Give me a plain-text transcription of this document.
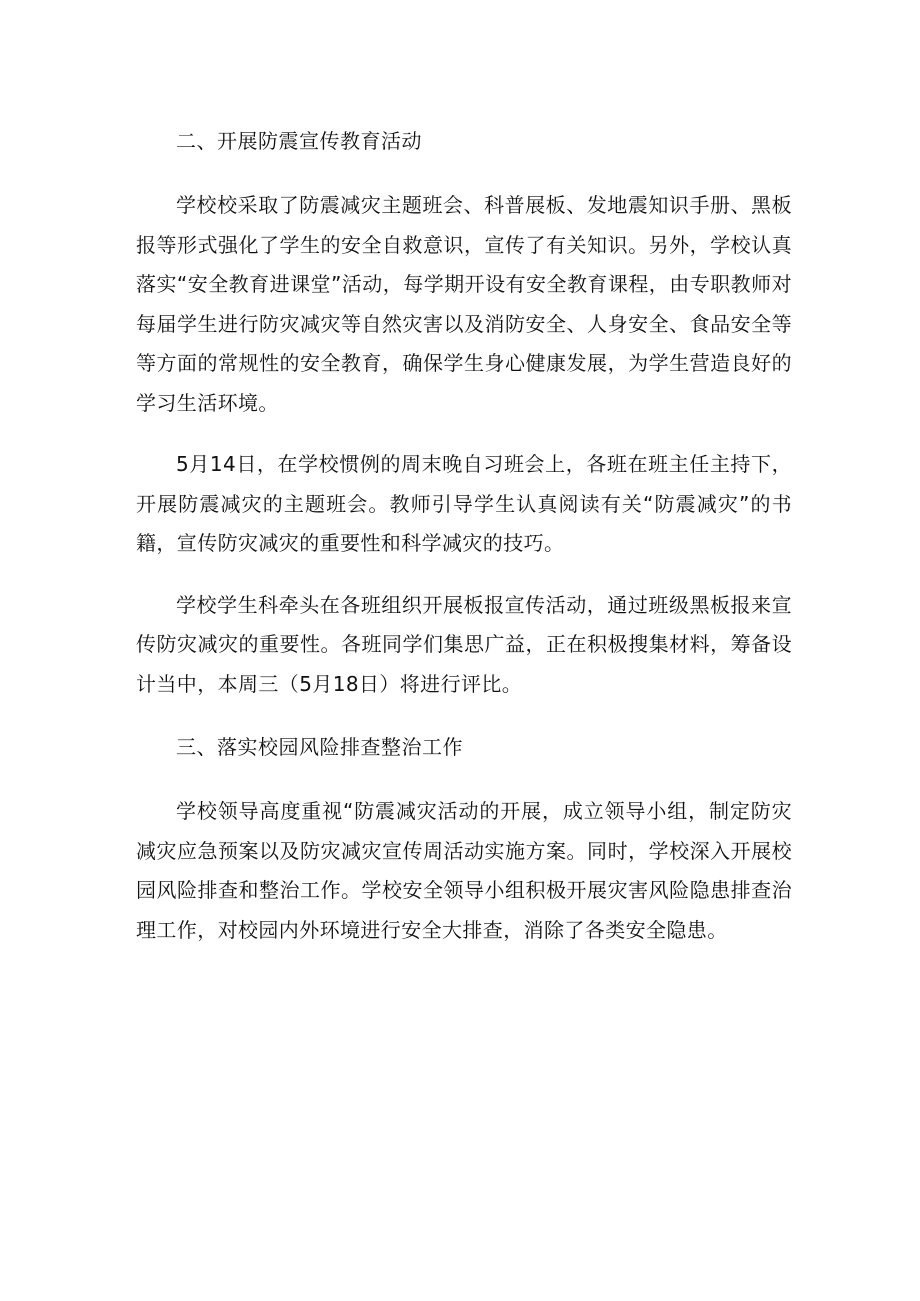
二、开展防震宣传教育活动

学校校采取了防震减灾主题班会、科普展板、发地震知识手册、黑板报等形式强化了学生的安全自救意识，宣传了有关知识。另外，学校认真落实“安全教育进课堂”活动，每学期开设有安全教育课程，由专职教师对每届学生进行防灾减灾等自然灾害以及消防安全、人身安全、食品安全等等方面的常规性的安全教育，确保学生身心健康发展，为学生营造良好的学习生活环境。

5月14日，在学校惯例的周末晚自习班会上，各班在班主任主持下，开展防震减灾的主题班会。教师引导学生认真阅读有关“防震减灾”的书籍，宣传防灾减灾的重要性和科学减灾的技巧。

学校学生科牵头在各班组织开展板报宣传活动，通过班级黑板报来宣传防灾减灾的重要性。各班同学们集思广益，正在积极搜集材料，筹备设计当中，本周三（5月18日）将进行评比。

三、落实校园风险排查整治工作

学校领导高度重视“防震减灾活动的开展，成立领导小组，制定防灾减灾应急预案以及防灾减灾宣传周活动实施方案。同时，学校深入开展校园风险排查和整治工作。学校安全领导小组积极开展灾害风险隐患排查治理工作，对校园内外环境进行安全大排查，消除了各类安全隐患。
